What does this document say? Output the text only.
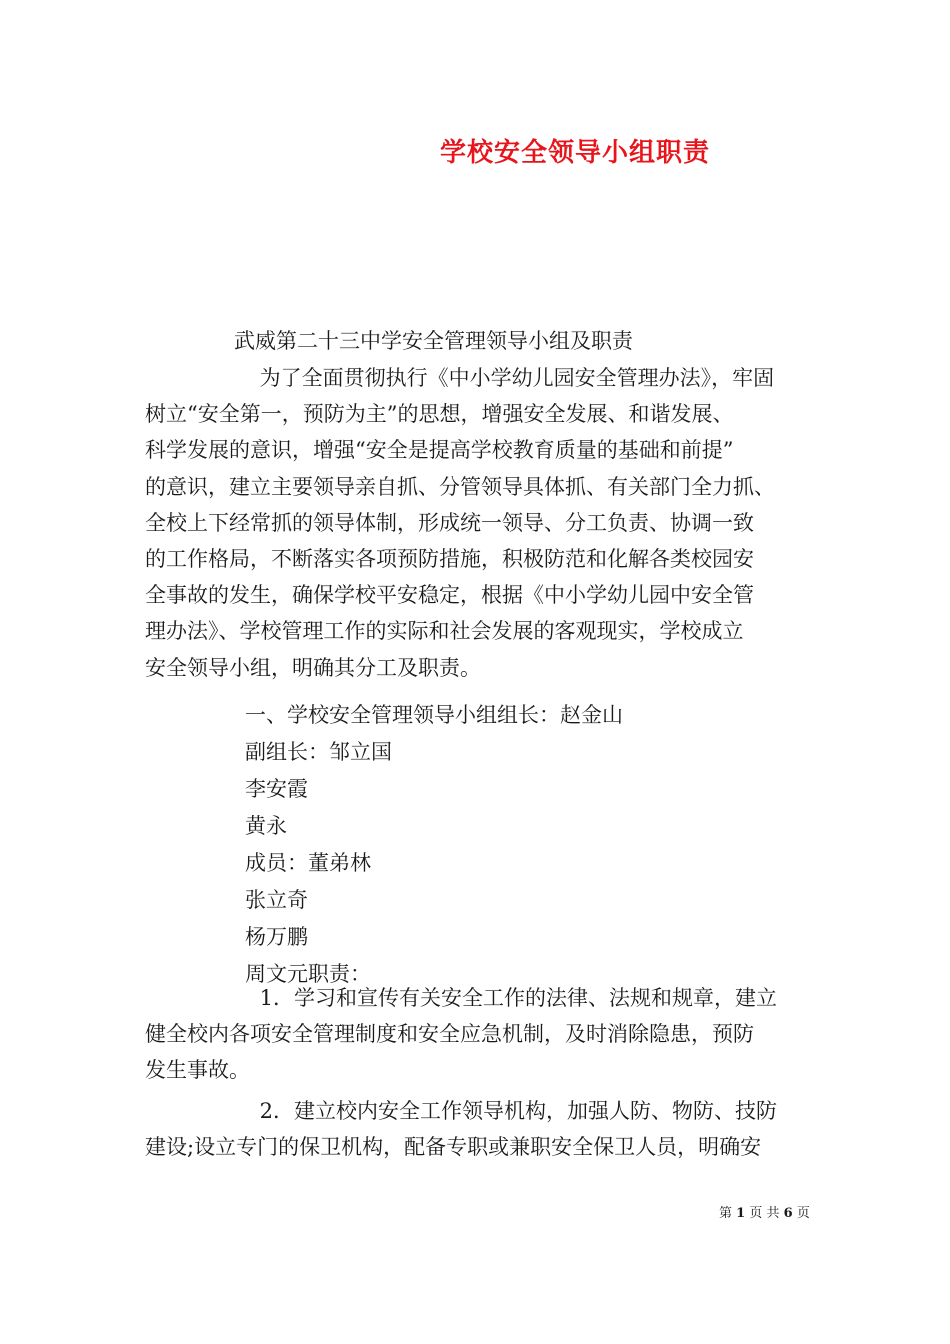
学校安全领导小组职责
武威第二十三中学安全管理领导小组及职责
　 为了全面贯彻执行《中小学幼儿园安全管理办法》，牢固
树立“安全第一，预防为主”的思想，增强安全发展、和谐发展、
科学发展的意识，增强“安全是提高学校教育质量的基础和前提”
的意识，建立主要领导亲自抓、分管领导具体抓、有关部门全力抓、
全校上下经常抓的领导体制，形成统一领导、分工负责、协调一致
的工作格局，不断落实各项预防措施，积极防范和化解各类校园安
全事故的发生，确保学校平安稳定，根据《中小学幼儿园中安全管
理办法》、学校管理工作的实际和社会发展的客观现实，学校成立
安全领导小组，明确其分工及职责。
一、学校安全管理领导小组组长：赵金山
副组长：邹立国
李安霞
黄永
成员：董弟林
张立奇
杨万鹏
周文元职责：
　 1．学习和宣传有关安全工作的法律、法规和规章，建立
健全校内各项安全管理制度和安全应急机制，及时消除隐患，预防
发生事故。
　 2．建立校内安全工作领导机构，加强人防、物防、技防
建设;设立专门的保卫机构，配备专职或兼职安全保卫人员，明确安
第 1 页 共 6 页
